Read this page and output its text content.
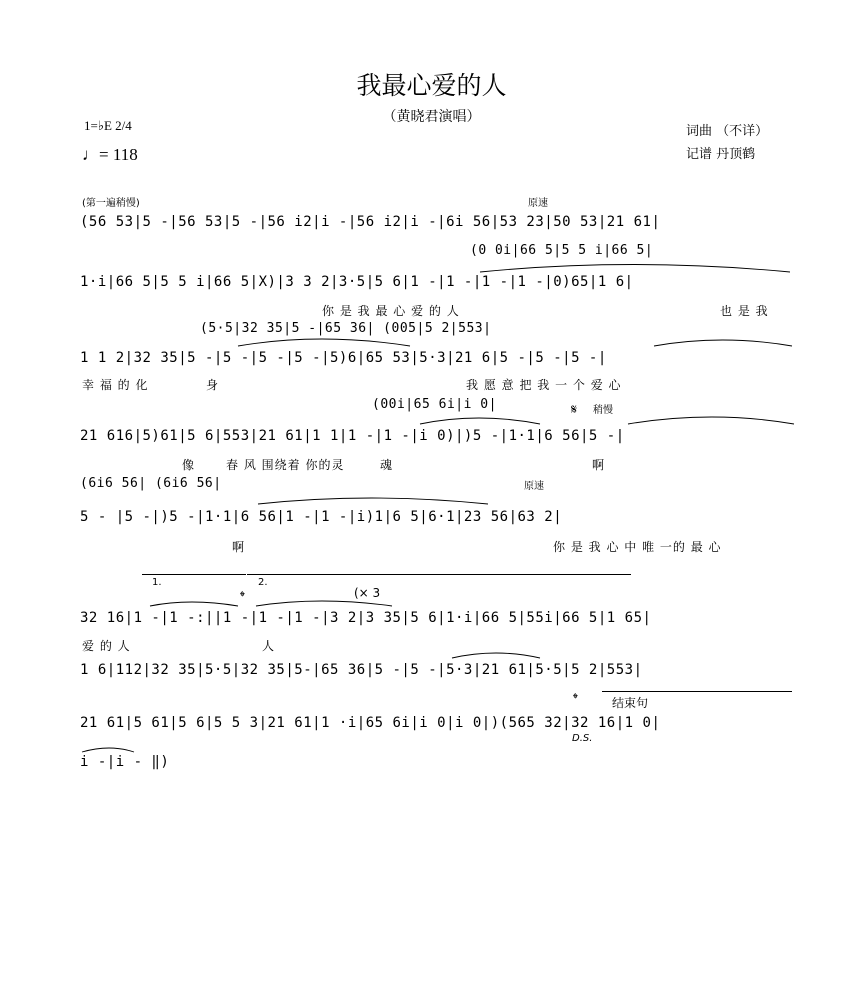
我最心爱的人
（黄晓君演唱）
1=♭E 2/4
♩= 118
词曲 （不详）
记谱 丹顶鹤
(第一遍稍慢)	原速
(56 53|5 -|56 53|5 -|56 i2|i -|56 i2|i -|6i 56|53 23|50 53|21 61|
(0 0i|66 5|5 5 i|66 5|
1·i|66 5|5 5 i|66 5|X)|3 3 2|3·5|5 6|1 -|1 -|1 -|1 -|0)65|1 6|
你 是 我 最 心 爱 的 人	也 是 我
(5·5|32 35|5 -|65 36| (005|5 2|553|
1 1 2|32 35|5 -|5 -|5 -|5 -|5)6|65 53|5·3|21 6|5 -|5 -|5 -|
幸 福 的 化	身	我 愿 意 把 我 一 个 爱 心
(00i|65 6i|i 0|	𝄋 稍慢
21 616|5)61|5 6|553|21 61|1 1|1 -|1 -|i 0)|)5 -|1·1|6 56|5 -|
像	春 风 围绕着 你的灵	魂	啊
(6i6 56| (6i6 56|	原速
5 - |5 -|)5 -|1·1|6 56|1 -|1 -|i)1|6 5|6·1|23 56|63 2|
啊	你 是 我 心 中 唯 一的 最 心
1.	2.
𝄌	(× 3
32 16|1 -|1 -:||1 -|1 -|1 -|3 2|3 35|5 6|1·i|66 5|55i|66 5|1 65|
爱 的 人	人
1 6|112|32 35|5·5|32 35|5-|65 36|5 -|5 -|5·3|21 61|5·5|5 2|553|
𝄌	结束句
21 61|5 61|5 6|5 5 3|21 61|1 ·i|65 6i|i 0|i 0|)(565 32|32 16|1 0|
D.S.
i -|i - ‖)
